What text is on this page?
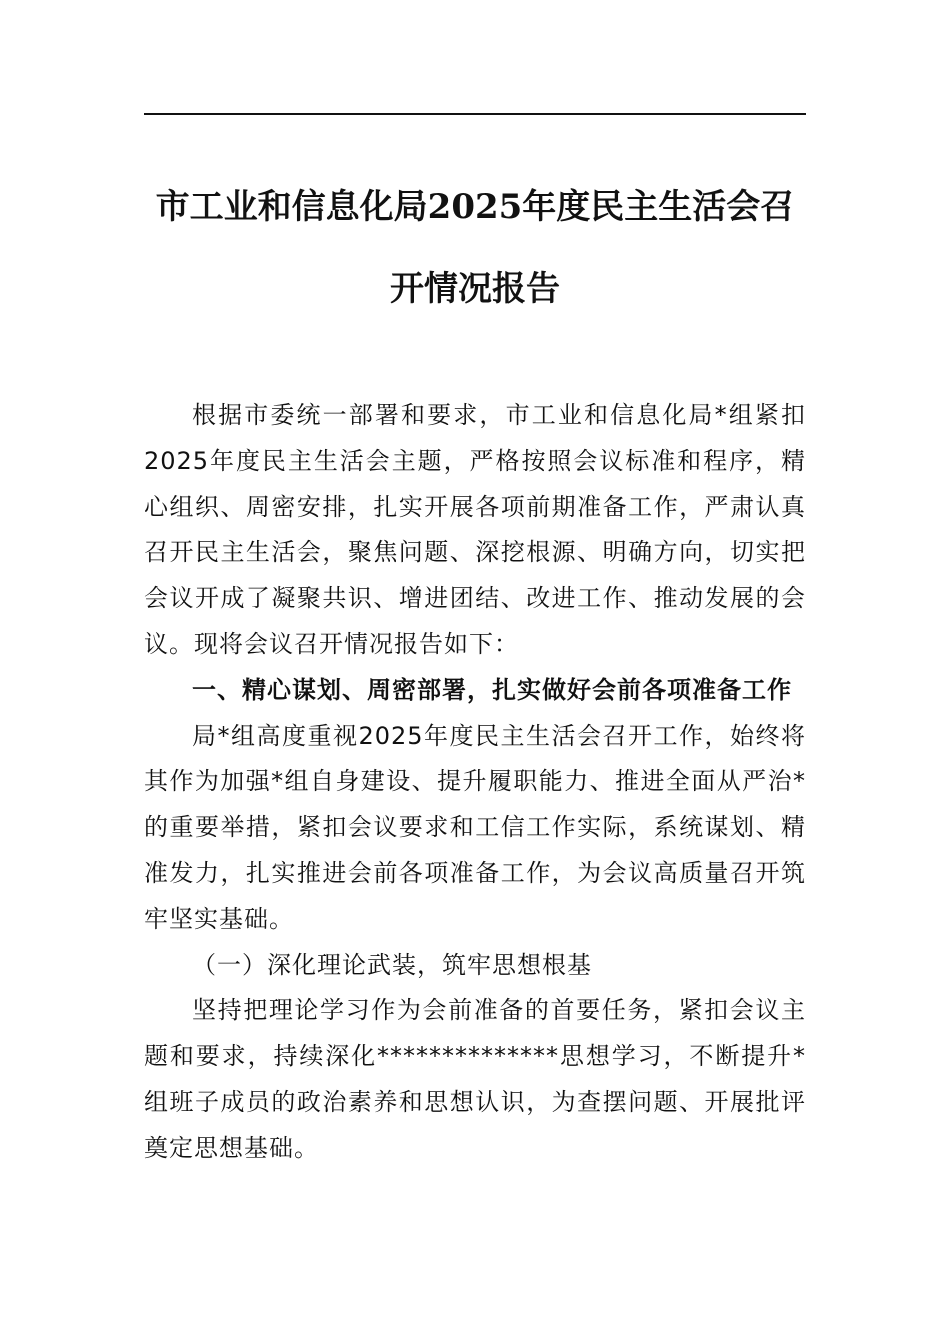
市工业和信息化局2025年度民主生活会召
开情况报告

根据市委统一部署和要求，市工业和信息化局*组紧扣2025年度民主生活会主题，严格按照会议标准和程序，精心组织、周密安排，扎实开展各项前期准备工作，严肃认真召开民主生活会，聚焦问题、深挖根源、明确方向，切实把会议开成了凝聚共识、增进团结、改进工作、推动发展的会议。现将会议召开情况报告如下：

一、精心谋划、周密部署，扎实做好会前各项准备工作

局*组高度重视2025年度民主生活会召开工作，始终将其作为加强*组自身建设、提升履职能力、推进全面从严治*的重要举措，紧扣会议要求和工信工作实际，系统谋划、精准发力，扎实推进会前各项准备工作，为会议高质量召开筑牢坚实基础。

（一）深化理论武装，筑牢思想根基

坚持把理论学习作为会前准备的首要任务，紧扣会议主题和要求，持续深化**************思想学习，不断提升*组班子成员的政治素养和思想认识，为查摆问题、开展批评奠定思想基础。
